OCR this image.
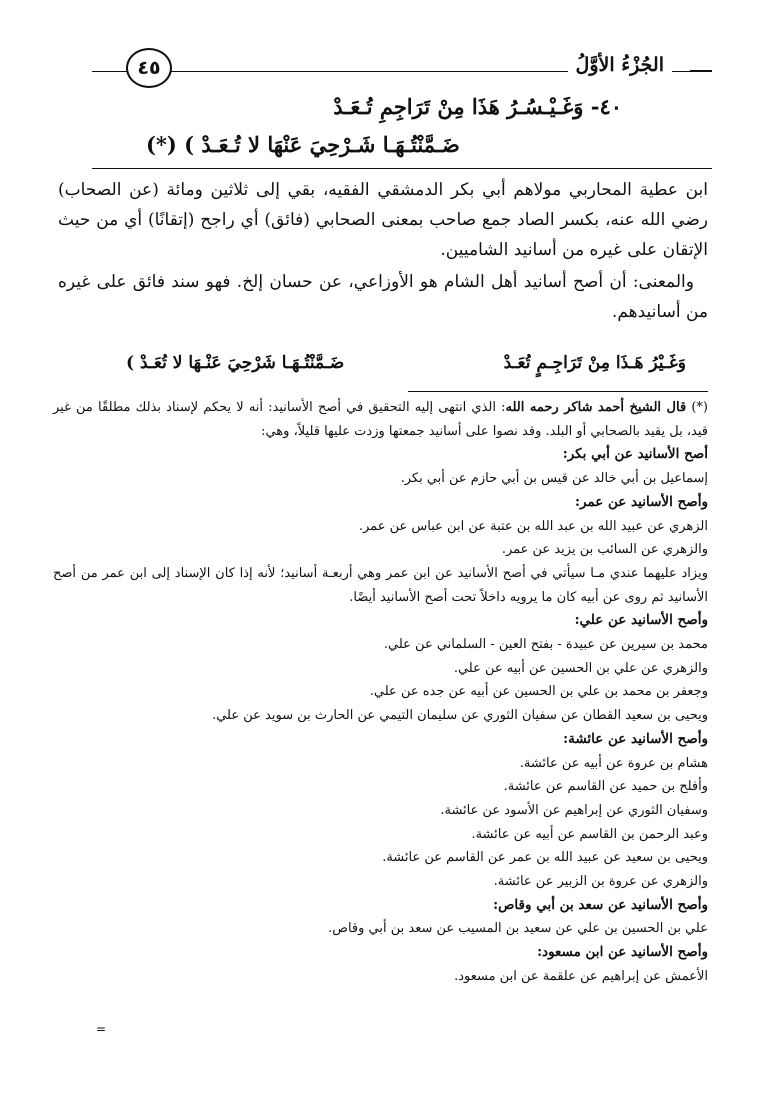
الجُزْءُ الأوَّلُ
٤٥
٤٠- وَغَـيْـسُـرُ هَذَا مِنْ تَرَاجِمِ تُـعَـدْ
ضَـمَّنْتُـهَـا شَـرْحِيَ عَنْهَا لا تُـعَـدْ ) (*)

ابن عطية المحاربي مولاهم أبي بكر الدمشقي الفقيه، بقي إلى ثلاثين ومائة (عن الصحاب) رضي الله عنه، بكسر الصاد جمع صاحب بمعنى الصحابي (فائق) أي راجح (إتقانًا) أي من حيث الإتقان على غيره من أسانيد الشاميين.

والمعنى: أن أصح أسانيد أهل الشام هو الأوزاعي، عن حسان إلخ. فهو سند فائق على غيره من أسانيدهم.

وَغَـيْرُ هَـذَا مِنْ تَرَاجِـمٍ تُعَـدْ
ضَـمَّنْتُـهَـا شَرْحِيَ عَنْـهَا لا تُعَـدْ )
(*) قال الشيخ أحمد شاكر رحمه الله: الذي انتهى إليه التحقيق في أصح الأسانيد: أنه لا يحكم لإسناد بذلك مطلقًا من غير قيد، بل يقيد بالصحابي أو البلد. وقد نصوا على أسانيد جمعتها وزدت عليها قليلاً، وهي:
أصح الأسانيد عن أبي بكر:
إسماعيل بن أبي خالد عن قيس بن أبي حازم عن أبي بكر.
وأصح الأسانيد عن عمر:
الزهري عن عبيد الله بن عبد الله بن عتبة عن ابن عباس عن عمر.
والزهري عن السائب بن يزيد عن عمر.
ويزاد عليهما عندي مـا سيأتي في أصح الأسانيد عن ابن عمر وهي أربعـة أسانيد؛ لأنه إذا كان الإسناد إلى ابن عمر من أصح الأسانيد ثم روى عن أبيه كان ما يرويه داخلاً تحت أصح الأسانيد أيضًا.
وأصح الأسانيد عن علي:
محمد بن سيرين عن عبيدة - بفتح العين - السلماني عن علي.
والزهري عن علي بن الحسين عن أبيه عن علي.
وجعفر بن محمد بن علي بن الحسين عن أبيه عن جده عن علي.
ويحيى بن سعيد القطان عن سفيان الثوري عن سليمان التيمي عن الحارث بن سويد عن علي.
وأصح الأسانيد عن عائشة:
هشام بن عروة عن أبيه عن عائشة.
وأفلح بن حميد عن القاسم عن عائشة.
وسفيان الثوري عن إبراهيم عن الأسود عن عائشة.
وعبد الرحمن بن القاسم عن أبيه عن عائشة.
ويحيى بن سعيد عن عبيد الله بن عمر عن القاسم عن عائشة.
والزهري عن عروة بن الزبير عن عائشة.
وأصح الأسانيد عن سعد بن أبي وقاص:
علي بن الحسين بن علي عن سعيد بن المسيب عن سعد بن أبي وقاص.
وأصح الأسانيد عن ابن مسعود:
الأعمش عن إبراهيم عن علقمة عن ابن مسعود.
=
